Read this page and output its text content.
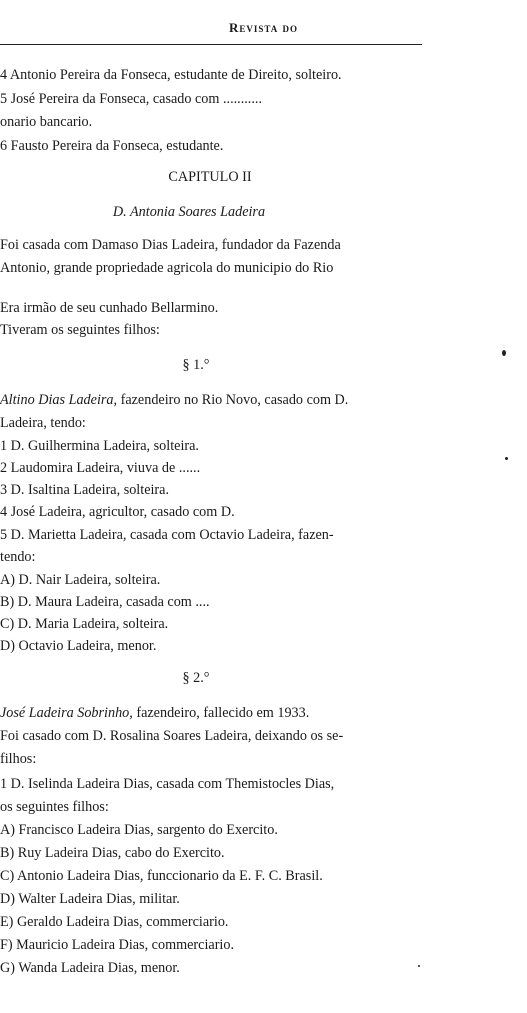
Revista do
4 Antonio Pereira da Fonseca, estudante de Direito, solteiro.
5 José Pereira da Fonseca, casado com ...........
onario bancario.
6 Fausto Pereira da Fonseca, estudante.
CAPITULO II
D. Antonia Soares Ladeira
Foi casada com Damaso Dias Ladeira, fundador da Fazenda
Antonio, grande propriedade agricola do municipio do Rio
Era irmão de seu cunhado Bellarmino.
Tiveram os seguintes filhos:
§ 1.°
Altino Dias Ladeira, fazendeiro no Rio Novo, casado com D.
Ladeira, tendo:
1 D. Guilhermina Ladeira, solteira.
2 Laudomira Ladeira, viuva de ......
3 D. Isaltina Ladeira, solteira.
4 José Ladeira, agricultor, casado com D.
5 D. Marietta Ladeira, casada com Octavio Ladeira, fazen-
tendo:
A) D. Nair Ladeira, solteira.
B) D. Maura Ladeira, casada com ....
C) D. Maria Ladeira, solteira.
D) Octavio Ladeira, menor.
§ 2.°
José Ladeira Sobrinho, fazendeiro, fallecido em 1933.
Foi casado com D. Rosalina Soares Ladeira, deixando os se-
filhos:
1 D. Iselinda Ladeira Dias, casada com Themistocles Dias,
os seguintes filhos:
A) Francisco Ladeira Dias, sargento do Exercito.
B) Ruy Ladeira Dias, cabo do Exercito.
C) Antonio Ladeira Dias, funccionario da E. F. C. Brasil.
D) Walter Ladeira Dias, militar.
E) Geraldo Ladeira Dias, commerciario.
F) Mauricio Ladeira Dias, commerciario.
G) Wanda Ladeira Dias, menor.
